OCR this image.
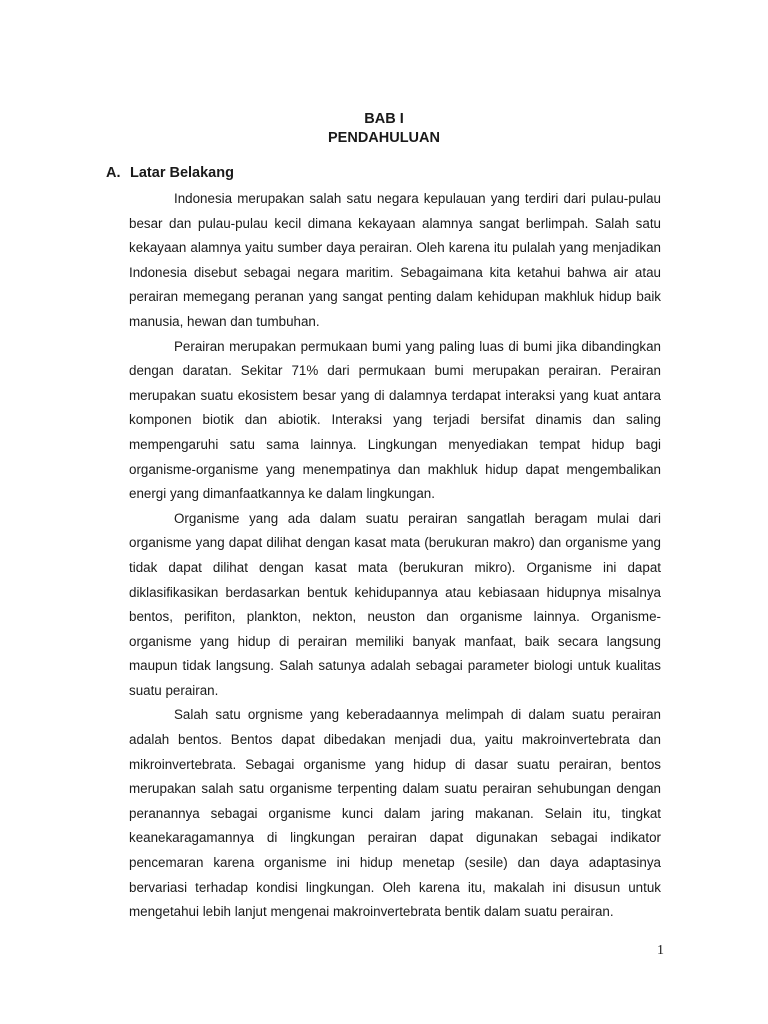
BAB I
PENDAHULUAN
A. Latar Belakang

Indonesia merupakan salah satu negara kepulauan yang terdiri dari pulau-pulau besar dan pulau-pulau kecil dimana kekayaan alamnya sangat berlimpah. Salah satu kekayaan alamnya yaitu sumber daya perairan. Oleh karena itu pulalah yang menjadikan Indonesia disebut sebagai negara maritim. Sebagaimana kita ketahui bahwa air atau perairan memegang peranan yang sangat penting dalam kehidupan makhluk hidup baik manusia, hewan dan tumbuhan.

Perairan merupakan permukaan bumi yang paling luas di bumi jika dibandingkan dengan daratan. Sekitar 71% dari permukaan bumi merupakan perairan. Perairan merupakan suatu ekosistem besar yang di dalamnya terdapat interaksi yang kuat antara komponen biotik dan abiotik. Interaksi yang terjadi bersifat dinamis dan saling mempengaruhi satu sama lainnya. Lingkungan menyediakan tempat hidup bagi organisme-organisme yang menempatinya dan makhluk hidup dapat mengembalikan energi yang dimanfaatkannya ke dalam lingkungan.

Organisme yang ada dalam suatu perairan sangatlah beragam mulai dari organisme yang dapat dilihat dengan kasat mata (berukuran makro) dan organisme yang tidak dapat dilihat dengan kasat mata (berukuran mikro). Organisme ini dapat diklasifikasikan berdasarkan bentuk kehidupannya atau kebiasaan hidupnya misalnya bentos, perifiton, plankton, nekton, neuston dan organisme lainnya. Organisme-organisme yang hidup di perairan memiliki banyak manfaat, baik secara langsung maupun tidak langsung. Salah satunya adalah sebagai parameter biologi untuk kualitas suatu perairan.

Salah satu orgnisme yang keberadaannya melimpah di dalam suatu perairan adalah bentos. Bentos dapat dibedakan menjadi dua, yaitu makroinvertebrata dan mikroinvertebrata. Sebagai organisme yang hidup di dasar suatu perairan, bentos merupakan salah satu organisme terpenting dalam suatu perairan sehubungan dengan peranannya sebagai organisme kunci dalam jaring makanan. Selain itu, tingkat keanekaragamannya di lingkungan perairan dapat digunakan sebagai indikator pencemaran karena organisme ini hidup menetap (sesile) dan daya adaptasinya bervariasi terhadap kondisi lingkungan. Oleh karena itu, makalah ini disusun untuk mengetahui lebih lanjut mengenai makroinvertebrata bentik dalam suatu perairan.

1
